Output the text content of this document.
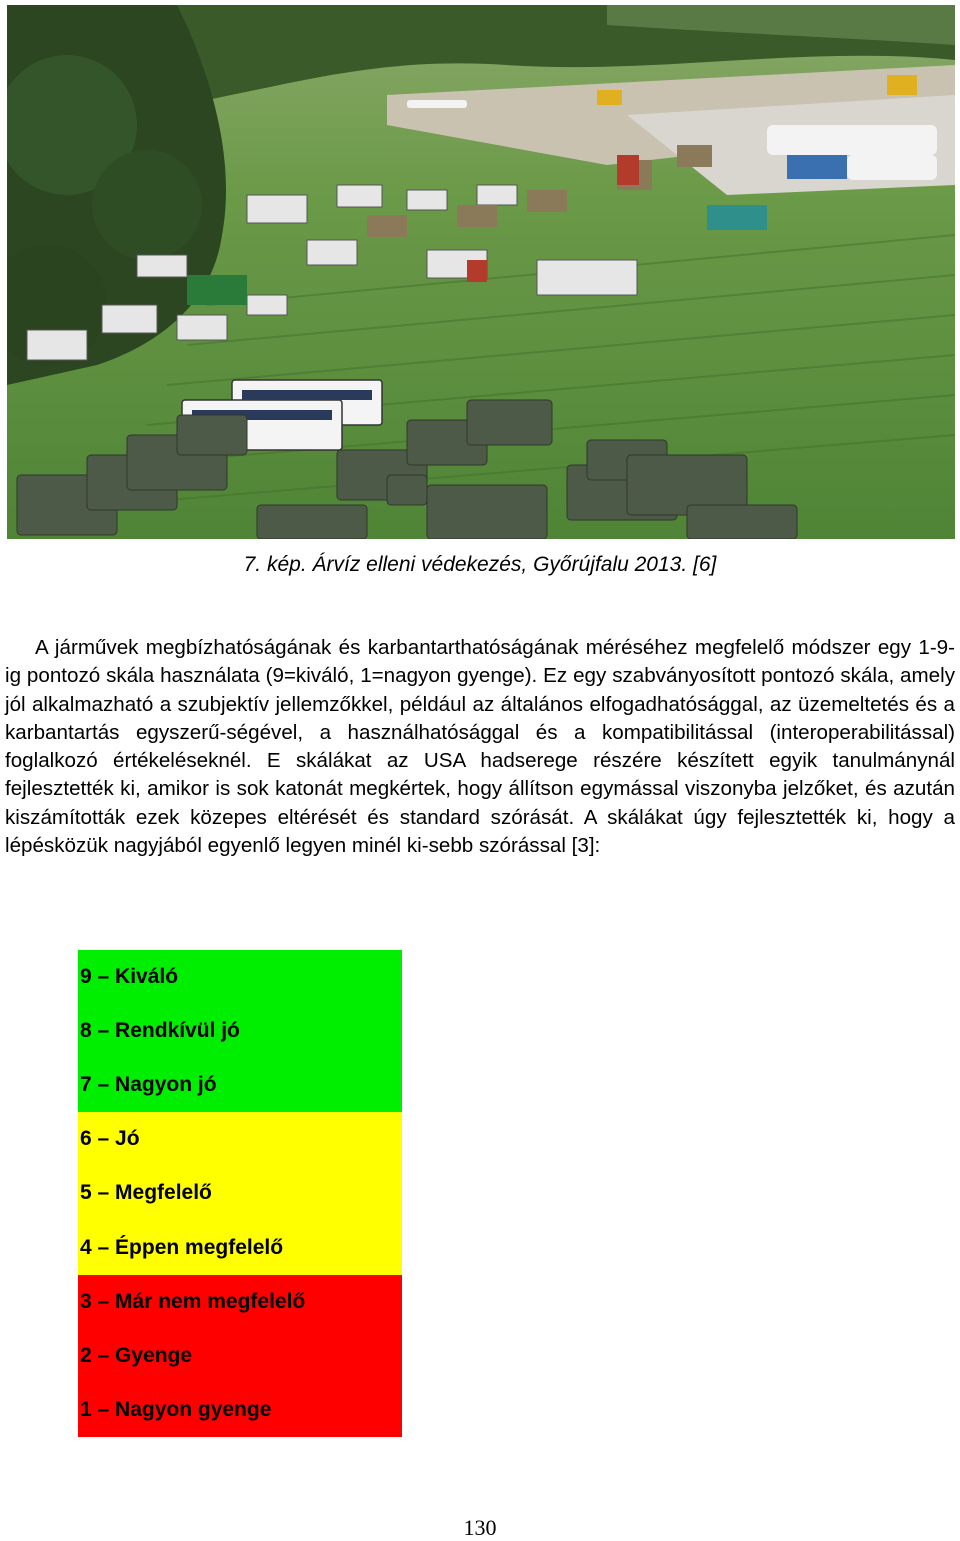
7. kép. Árvíz elleni védekezés, Győrújfalu 2013. [6]

A járművek megbízhatóságának és karbantarthatóságának méréséhez megfelelő módszer egy 1-9-ig pontozó skála használata (9=kiváló, 1=nagyon gyenge). Ez egy szabványosított pontozó skála, amely jól alkalmazható a szubjektív jellemzőkkel, például az általános elfogadhatósággal, az üzemeltetés és a karbantartás egyszerű-ségével, a használhatósággal és a kompatibilitással (interoperabilitással) foglalkozó értékeléseknél. E skálákat az USA hadserege részére készített egyik tanulmánynál fejlesztették ki, amikor is sok katonát megkértek, hogy állítson egymással viszonyba jelzőket, és azután kiszámították ezek közepes eltérését és standard szórását. A skálákat úgy fejlesztették ki, hogy a lépésközük nagyjából egyenlő legyen minél ki-sebb szórással [3]:

9 – Kiváló
8 – Rendkívül jó
7 – Nagyon jó
6 – Jó
5 – Megfelelő
4 – Éppen megfelelő
3 – Már nem megfelelő
2 – Gyenge
1 – Nagyon gyenge
130
